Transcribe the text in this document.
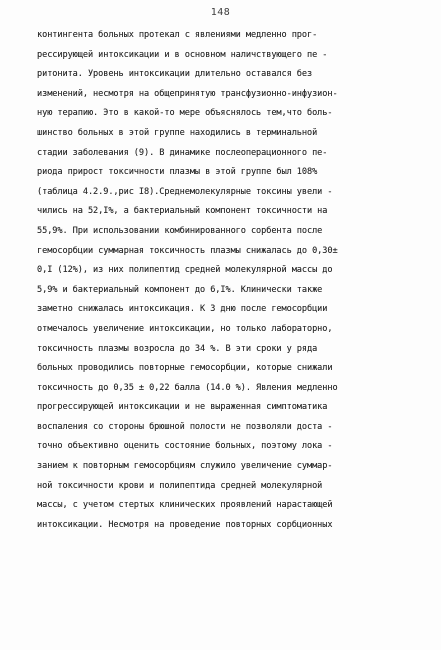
148
контингента больных протекал с явлениями медленно прог-
рессирующей интоксикации и в основном наличствующего пе -
ритонита. Уровень интоксикации длительно оставался без
изменений, несмотря на общепринятую трансфузионно-инфузион-
ную терапию. Это в какой-то мере объяснялось тем,что боль-
шинство больных в этой группе находились в терминальной
стадии заболевания (9). В динамике послеоперационного пе-
риода прирост токсичности плазмы в этой группе был 108%
(таблица 4.2.9.,рис I8).Среднемолекулярные токсины увели -
чились на 52,I%, а бактериальный компонент токсичности на
55,9%. При использовании комбинированного сорбента после
гемосорбции суммарная токсичность плазмы снижалась до 0,30±
0,I (12%), из них полипептид средней молекулярной массы до
5,9% и бактериальный компонент до 6,I%. Клинически также
заметно снижалась интоксикация. К 3 дню после гемосорбции
отмечалось увеличение интоксикации, но только лабораторно,
токсичность плазмы возросла до 34 %. В эти сроки у ряда
больных проводились повторные гемосорбции, которые снижали
токсичность до 0,35 ± 0,22 балла (14.0 %). Явления медленно
прогрессирующей интоксикации и не выраженная симптоматика
воспаления со стороны брюшной полости не позволяли доста -
точно объективно оценить состояние больных, поэтому лока -
занием к повторным гемосорбциям служило увеличение суммар-
ной токсичности крови и полипептида средней молекулярной
массы, с учетом стертых клинических проявлений нарастающей
интоксикации. Несмотря на проведение повторных сорбционных
